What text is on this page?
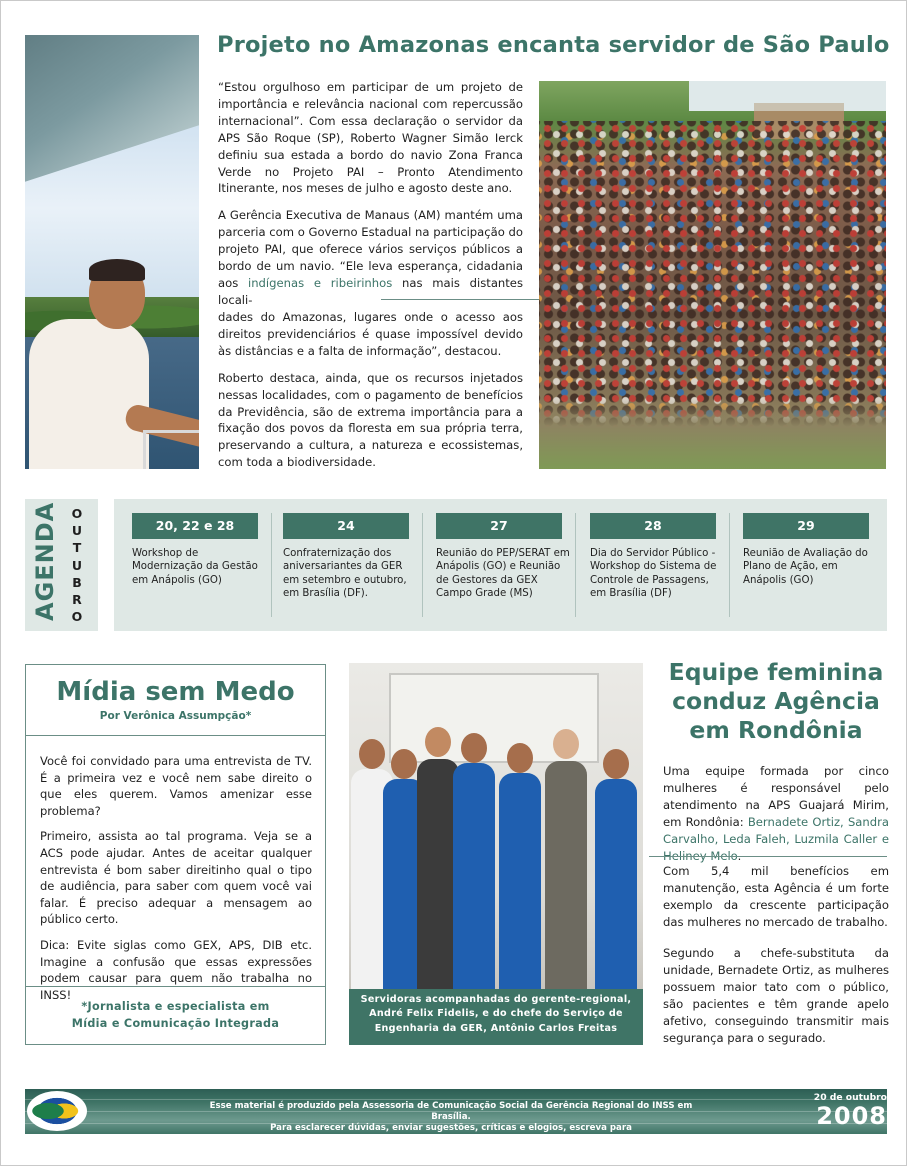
Projeto no Amazonas encanta servidor de São Paulo

“Estou orgulhoso em participar de um projeto de importância e relevância nacional com repercussão internacional”. Com essa declaração o servidor da APS São Roque (SP), Roberto Wagner Simão Ierck definiu sua estada a bordo do navio Zona Franca Verde no Projeto PAI – Pronto Atendimento Itinerante, nos meses de julho e agosto deste ano.

A Gerência Executiva de Manaus (AM) mantém uma parceria com o Governo Estadual na participação do projeto PAI, que oferece vários serviços públicos a bordo de um navio. “Ele leva esperança, cidadania aos indígenas e ribeirinhos nas mais distantes locali-

dades do Amazonas, lugares onde o acesso aos direitos previdenciários é quase impossível devido às distâncias e a falta de informação”, destacou.

Roberto destaca, ainda, que os recursos injetados nessas localidades, com o pagamento de benefícios da Previdência, são de extrema importância para a fixação dos povos da floresta em sua própria terra, preservando a cultura, a natureza e ecossistemas, com toda a biodiversidade.

AGENDA O
U
T
U
B
R
O
20, 22 e 28
Workshop de Modernização da Gestão em Anápolis (GO)
24
Confraternização dos aniversariantes da GER em setembro e outubro, em Brasília (DF).
27
Reunião do PEP/SERAT em Anápolis (GO) e Reunião de Gestores da GEX Campo Grade (MS)
28
Dia do Servidor Público - Workshop do Sistema de Controle de Passagens, em Brasília (DF)
29
Reunião de Avaliação do Plano de Ação, em Anápolis (GO)
Mídia sem Medo
Por Verônica Assumpção*

Você foi convidado para uma entrevista de TV. É a primeira vez e você nem sabe direito o que eles querem. Vamos amenizar esse problema?

Primeiro, assista ao tal programa. Veja se a ACS pode ajudar. Antes de aceitar qualquer entrevista é bom saber direitinho qual o tipo de audiência, para saber com quem você vai falar. É preciso adequar a mensagem ao público certo.

Dica: Evite siglas como GEX, APS, DIB etc. Imagine a confusão que essas expressões podem causar para quem não trabalha no INSS!

*Jornalista e especialista em
Mídia e Comunicação Integrada
Servidoras acompanhadas do gerente-regional,
André Felix Fidelis, e do chefe do Serviço de
Engenharia da GER, Antônio Carlos Freitas
Equipe feminina
conduz Agência
em Rondônia
Uma equipe formada por cinco mulheres é responsável pelo atendimento na APS Guajará Mirim, em Rondônia: Bernadete Ortiz, Sandra Carvalho, Leda Faleh, Luzmila Caller e Heliney Melo.
Com 5,4 mil benefícios em manutenção, esta Agência é um forte exemplo da crescente participação das mulheres no mercado de trabalho.
Segundo a chefe-substituta da unidade, Bernadete Ortiz, as mulheres possuem maior tato com o público, são pacientes e têm grande apelo afetivo, conseguindo transmitir mais segurança para o segurado.
Esse material é produzido pela Assessoria de Comunicação Social da Gerência Regional do INSS em Brasília.
Para esclarecer dúvidas, enviar sugestões, críticas e elogios, escreva para acs.gerbrasilia@previdencia.gov.br
Edição nº 16
20 de outubro
2008
